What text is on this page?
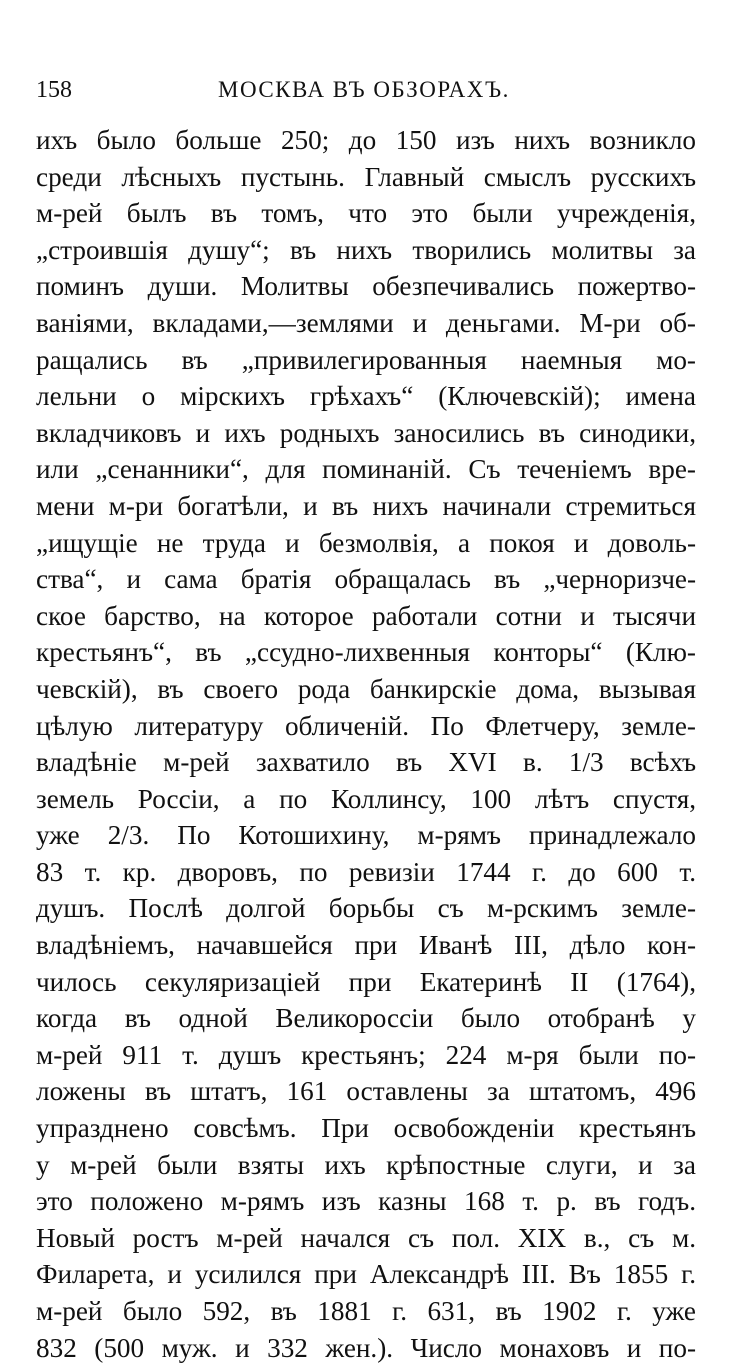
158	МОСКВА ВЪ ОБЗОРАХЪ.
ихъ было больше 250; до 150 изъ нихъ возникло
среди лѣсныхъ пустынь. Главный смыслъ русскихъ
м-рей былъ въ томъ, что это были учрежденія,
„строившія душу“; въ нихъ творились молитвы за
поминъ души. Молитвы обезпечивались пожертво-
ваніями, вкладами,—землями и деньгами. М-ри об-
ращались въ „привилегированныя наемныя мо-
лельни о мірскихъ грѣхахъ“ (Ключевскій); имена
вкладчиковъ и ихъ родныхъ заносились въ синодики,
или „сенанники“, для поминаній. Съ теченіемъ вре-
мени м-ри богатѣли, и въ нихъ начинали стремиться
„ищущіе не труда и безмолвія, а покоя и доволь-
ства“, и сама братія обращалась въ „черноризче-
ское барство, на которое работали сотни и тысячи
крестьянъ“, въ „ссудно-лихвенныя конторы“ (Клю-
чевскій), въ своего рода банкирскіе дома, вызывая
цѣлую литературу обличеній. По Флетчеру, земле-
владѣніе м-рей захватило въ XVI в. 1/3 всѣхъ
земель Россіи, а по Коллинсу, 100 лѣтъ спустя,
уже 2/3. По Котошихину, м-рямъ принадлежало
83 т. кр. дворовъ, по ревизіи 1744 г. до 600 т.
душъ. Послѣ долгой борьбы съ м-рскимъ земле-
владѣніемъ, начавшейся при Иванѣ III, дѣло кон-
чилось секуляризаціей при Екатеринѣ II (1764),
когда въ одной Великороссіи было отобранѣ у
м-рей 911 т. душъ крестьянъ; 224 м-ря были по-
ложены въ штатъ, 161 оставлены за штатомъ, 496
упразднено совсѣмъ. При освобожденіи крестьянъ
у м-рей были взяты ихъ крѣпостные слуги, и за
это положено м-рямъ изъ казны 168 т. р. въ годъ.
Новый ростъ м-рей начался съ пол. XIX в., съ м.
Филарета, и усилился при Александрѣ III. Въ 1855 г.
м-рей было 592, въ 1881 г. 631, въ 1902 г. уже
832 (500 муж. и 332 жен.). Число монаховъ и по-
